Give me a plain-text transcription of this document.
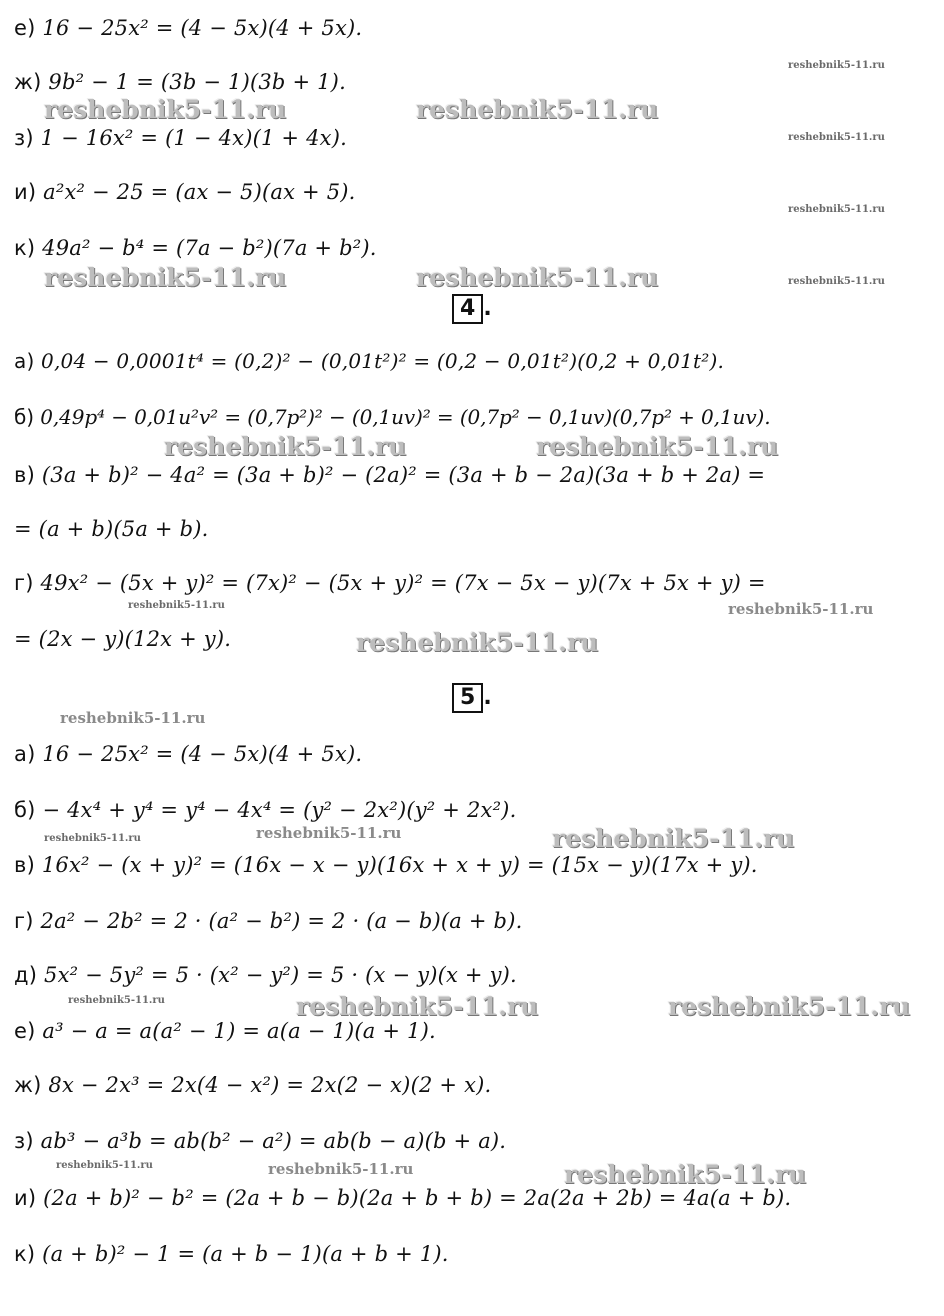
4 .
5 .
е) 16 − 25x² = (4 − 5x)(4 + 5x).
ж) 9b² − 1 = (3b − 1)(3b + 1).
з) 1 − 16x² = (1 − 4x)(1 + 4x).
и) a²x² − 25 = (ax − 5)(ax + 5).
к) 49a² − b⁴ = (7a − b²)(7a + b²).
а) 0,04 − 0,0001t⁴ = (0,2)² − (0,01t²)² = (0,2 − 0,01t²)(0,2 + 0,01t²).
б) 0,49p⁴ − 0,01u²v² = (0,7p²)² − (0,1uv)² = (0,7p² − 0,1uv)(0,7p² + 0,1uv).
в) (3a + b)² − 4a² = (3a + b)² − (2a)² = (3a + b − 2a)(3a + b + 2a) =
= (a + b)(5a + b).
г) 49x² − (5x + y)² = (7x)² − (5x + y)² = (7x − 5x − y)(7x + 5x + y) =
= (2x − y)(12x + y).
а) 16 − 25x² = (4 − 5x)(4 + 5x).
б) − 4x⁴ + y⁴ = y⁴ − 4x⁴ = (y² − 2x²)(y² + 2x²).
в) 16x² − (x + y)² = (16x − x − y)(16x + x + y) = (15x − y)(17x + y).
г) 2a² − 2b² = 2 · (a² − b²) = 2 · (a − b)(a + b).
д) 5x² − 5y² = 5 · (x² − y²) = 5 · (x − y)(x + y).
е) a³ − a = a(a² − 1) = a(a − 1)(a + 1).
ж) 8x − 2x³ = 2x(4 − x²) = 2x(2 − x)(2 + x).
з) ab³ − a³b = ab(b² − a²) = ab(b − a)(b + a).
и) (2a + b)² − b² = (2a + b − b)(2a + b + b) = 2a(2a + 2b) = 4a(a + b).
к) (a + b)² − 1 = (a + b − 1)(a + b + 1).
reshebnik5-11.ru
reshebnik5-11.ru	reshebnik5-11.ru
reshebnik5-11.ru
reshebnik5-11.ru
reshebnik5-11.ru	reshebnik5-11.ru	reshebnik5-11.ru
reshebnik5-11.ru	reshebnik5-11.ru
reshebnik5-11.ru	reshebnik5-11.ru
reshebnik5-11.ru
reshebnik5-11.ru
reshebnik5-11.ru	reshebnik5-11.ru	reshebnik5-11.ru
reshebnik5-11.ru	reshebnik5-11.ru	reshebnik5-11.ru
reshebnik5-11.ru	reshebnik5-11.ru	reshebnik5-11.ru
